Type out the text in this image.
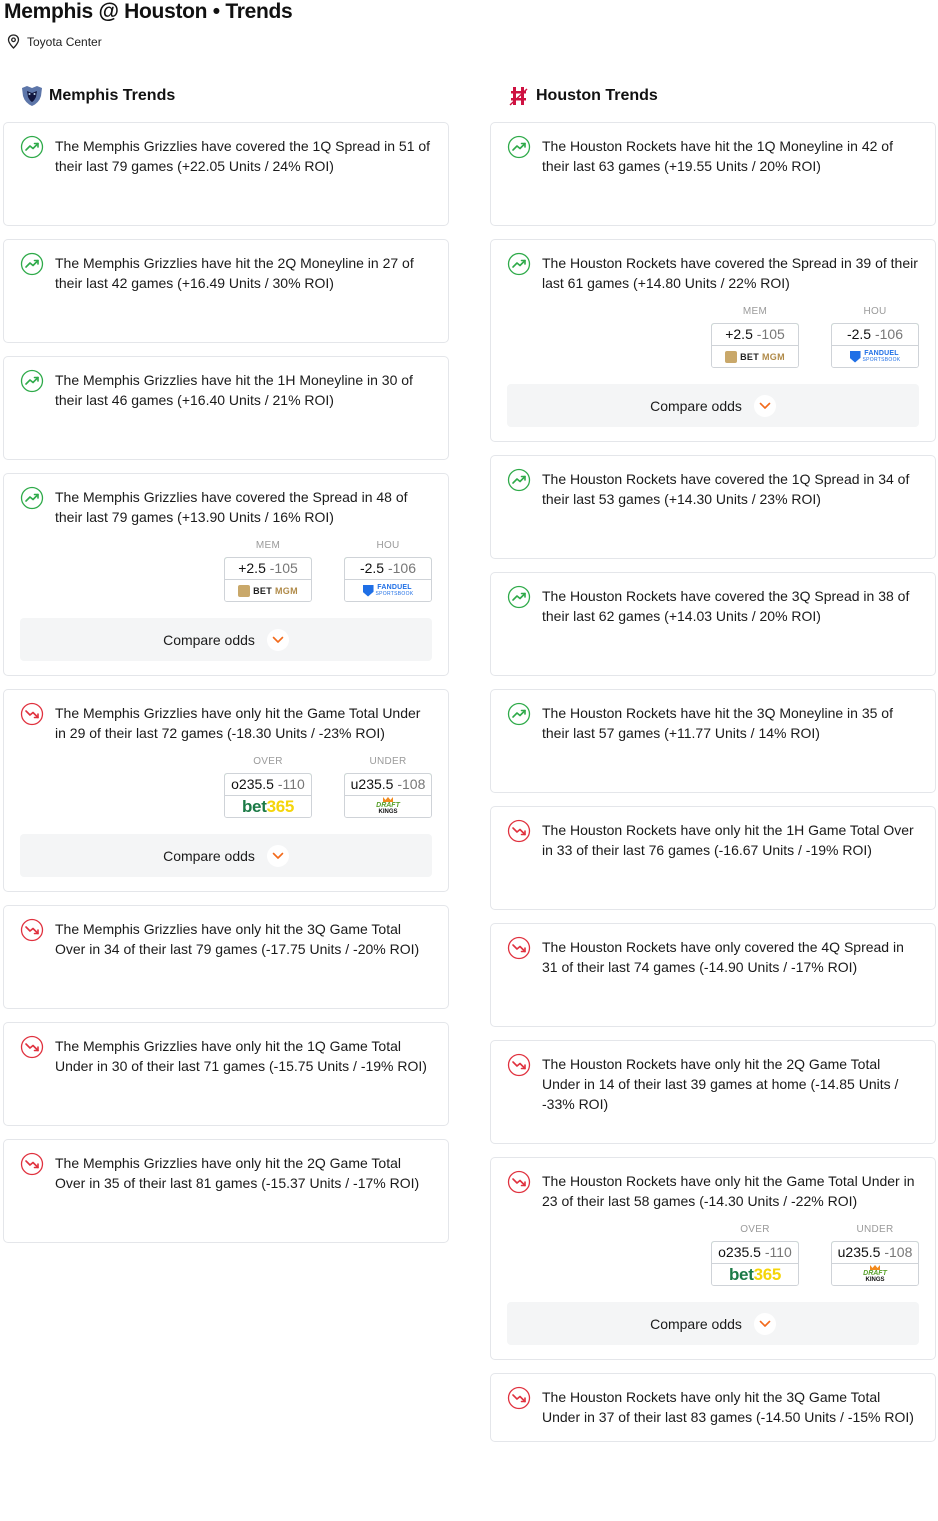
Memphis @ Houston • Trends
Toyota Center
Memphis Trends

The Memphis Grizzlies have covered the 1Q Spread in 51 of their last 79 games (+22.05 Units / 24% ROI)

The Memphis Grizzlies have hit the 2Q Moneyline in 27 of their last 42 games (+16.49 Units / 30% ROI)

The Memphis Grizzlies have hit the 1H Moneyline in 30 of their last 46 games (+16.40 Units / 21% ROI)

The Memphis Grizzlies have covered the Spread in 48 of their last 79 games (+13.90 Units / 16% ROI)

MEM
+2.5 -105
BET MGM
HOU
-2.5 -106
FANDUEL
SPORTSBOOK
Compare odds

The Memphis Grizzlies have only hit the Game Total Under in 29 of their last 72 games (-18.30 Units / -23% ROI)

OVER
o235.5 -110
bet365
UNDER
u235.5 -108
DRAFT
KINGS
Compare odds

The Memphis Grizzlies have only hit the 3Q Game Total Over in 34 of their last 79 games (-17.75 Units / -20% ROI)

The Memphis Grizzlies have only hit the 1Q Game Total Under in 30 of their last 71 games (-15.75 Units / -19% ROI)

The Memphis Grizzlies have only hit the 2Q Game Total Over in 35 of their last 81 games (-15.37 Units / -17% ROI)

Houston Trends

The Houston Rockets have hit the 1Q Moneyline in 42 of their last 63 games (+19.55 Units / 20% ROI)

The Houston Rockets have covered the Spread in 39 of their last 61 games (+14.80 Units / 22% ROI)

MEM
+2.5 -105
BET MGM
HOU
-2.5 -106
FANDUEL
SPORTSBOOK
Compare odds

The Houston Rockets have covered the 1Q Spread in 34 of their last 53 games (+14.30 Units / 23% ROI)

The Houston Rockets have covered the 3Q Spread in 38 of their last 62 games (+14.03 Units / 20% ROI)

The Houston Rockets have hit the 3Q Moneyline in 35 of their last 57 games (+11.77 Units / 14% ROI)

The Houston Rockets have only hit the 1H Game Total Over in 33 of their last 76 games (-16.67 Units / -19% ROI)

The Houston Rockets have only covered the 4Q Spread in 31 of their last 74 games (-14.90 Units / -17% ROI)

The Houston Rockets have only hit the 2Q Game Total Under in 14 of their last 39 games at home (-14.85 Units / -33% ROI)

The Houston Rockets have only hit the Game Total Under in 23 of their last 58 games (-14.30 Units / -22% ROI)

OVER
o235.5 -110
bet365
UNDER
u235.5 -108
DRAFT
KINGS
Compare odds

The Houston Rockets have only hit the 3Q Game Total Under in 37 of their last 83 games (-14.50 Units / -15% ROI)
